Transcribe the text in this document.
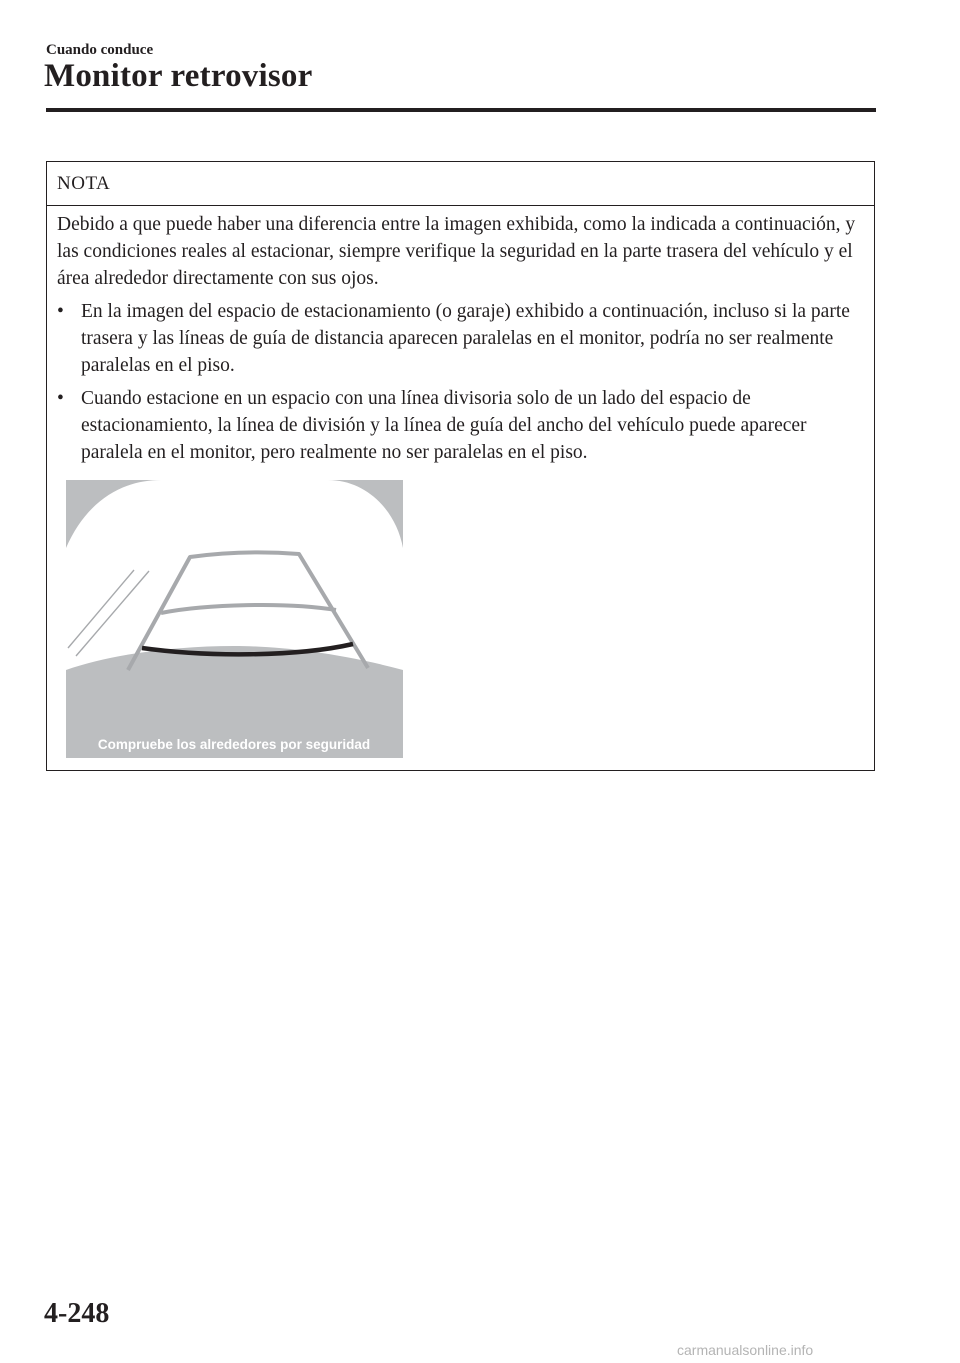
Cuando conduce
Monitor retrovisor
NOTA

Debido a que puede haber una diferencia entre la imagen exhibida, como la indicada a continuación, y las condiciones reales al estacionar, siempre verifique la seguridad en la parte trasera del vehículo y el área alrededor directamente con sus ojos.

• En la imagen del espacio de estacionamiento (o garaje) exhibido a continuación, incluso si la parte trasera y las líneas de guía de distancia aparecen paralelas en el monitor, podría no ser realmente paralelas en el piso.
• Cuando estacione en un espacio con una línea divisoria solo de un lado del espacio de estacionamiento, la línea de división y la línea de guía del ancho del vehículo puede aparecer paralela en el monitor, pero realmente no ser paralelas en el piso.
Compruebe los alrededores por seguridad
4-248
carmanualsonline.info
